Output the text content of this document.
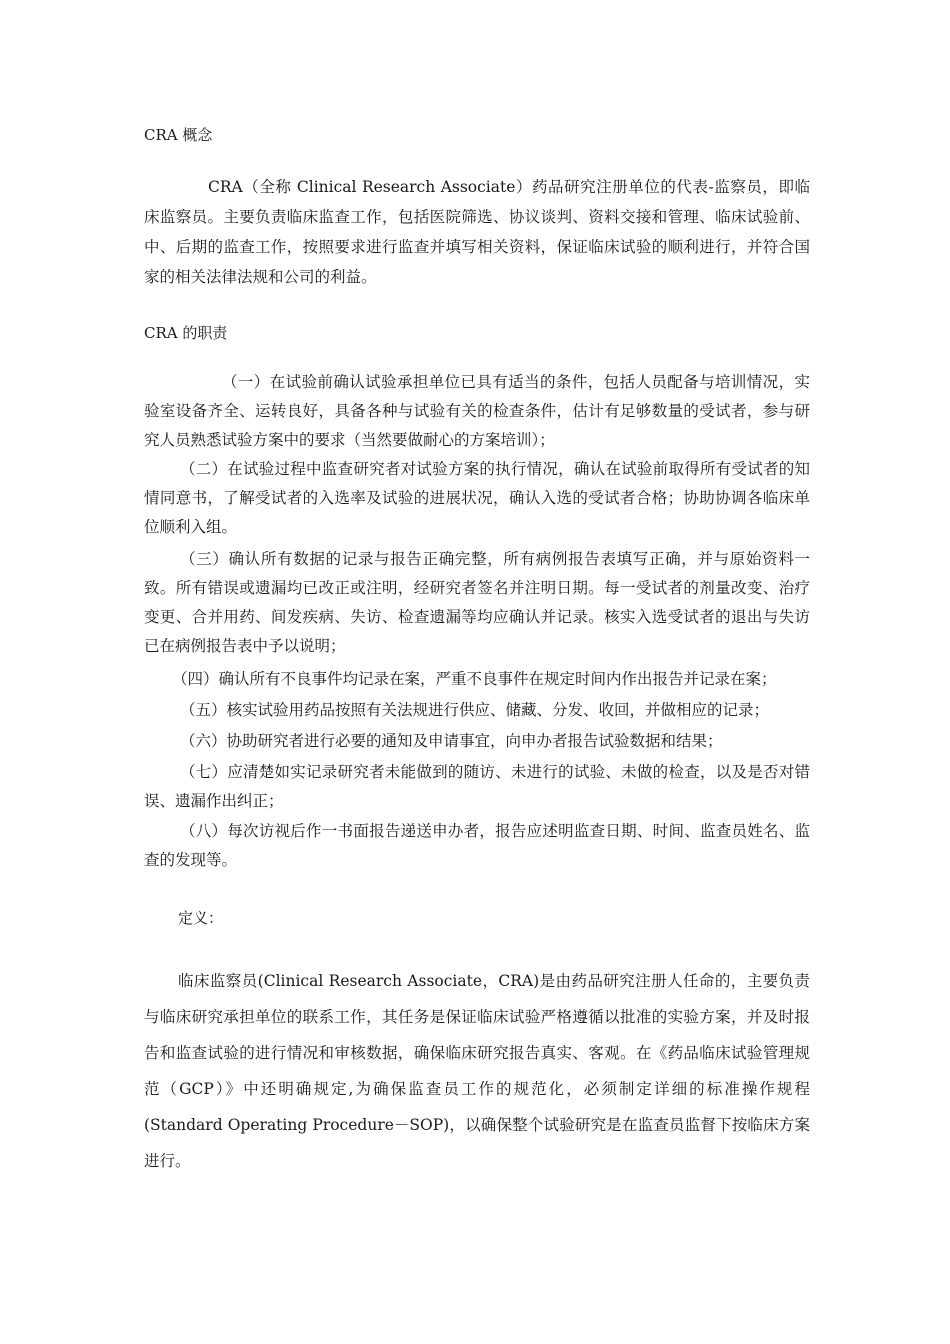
CRA 概念

CRA（全称 Clinical Research Associate）药品研究注册单位的代表-监察员，即临床监察员。主要负责临床监查工作，包括医院筛选、协议谈判、资料交接和管理、临床试验前、中、后期的监查工作，按照要求进行监查并填写相关资料，保证临床试验的顺利进行，并符合国家的相关法律法规和公司的利益。

CRA 的职责

（一）在试验前确认试验承担单位已具有适当的条件，包括人员配备与培训情况，实验室设备齐全、运转良好，具备各种与试验有关的检查条件，估计有足够数量的受试者，参与研究人员熟悉试验方案中的要求（当然要做耐心的方案培训）；

（二）在试验过程中监查研究者对试验方案的执行情况，确认在试验前取得所有受试者的知情同意书，了解受试者的入选率及试验的进展状况，确认入选的受试者合格；协助协调各临床单位顺利入组。

（三）确认所有数据的记录与报告正确完整，所有病例报告表填写正确，并与原始资料一致。所有错误或遗漏均已改正或注明，经研究者签名并注明日期。每一受试者的剂量改变、治疗变更、合并用药、间发疾病、失访、检查遗漏等均应确认并记录。核实入选受试者的退出与失访已在病例报告表中予以说明；

（四）确认所有不良事件均记录在案，严重不良事件在规定时间内作出报告并记录在案；

（五）核实试验用药品按照有关法规进行供应、储藏、分发、收回，并做相应的记录；

（六）协助研究者进行必要的通知及申请事宜，向申办者报告试验数据和结果；

（七）应清楚如实记录研究者未能做到的随访、未进行的试验、未做的检查，以及是否对错误、遗漏作出纠正；

（八）每次访视后作一书面报告递送申办者，报告应述明监查日期、时间、监查员姓名、监查的发现等。

定义：

临床监察员(Clinical Research Associate，CRA)是由药品研究注册人任命的，主要负责与临床研究承担单位的联系工作，其任务是保证临床试验严格遵循以批准的实验方案，并及时报告和监查试验的进行情况和审核数据，确保临床研究报告真实、客观。在《药品临床试验管理规范（GCP）》中还明确规定,为确保监查员工作的规范化，必须制定详细的标准操作规程(Standard Operating Procedure－SOP)，以确保整个试验研究是在监查员监督下按临床方案进行。
